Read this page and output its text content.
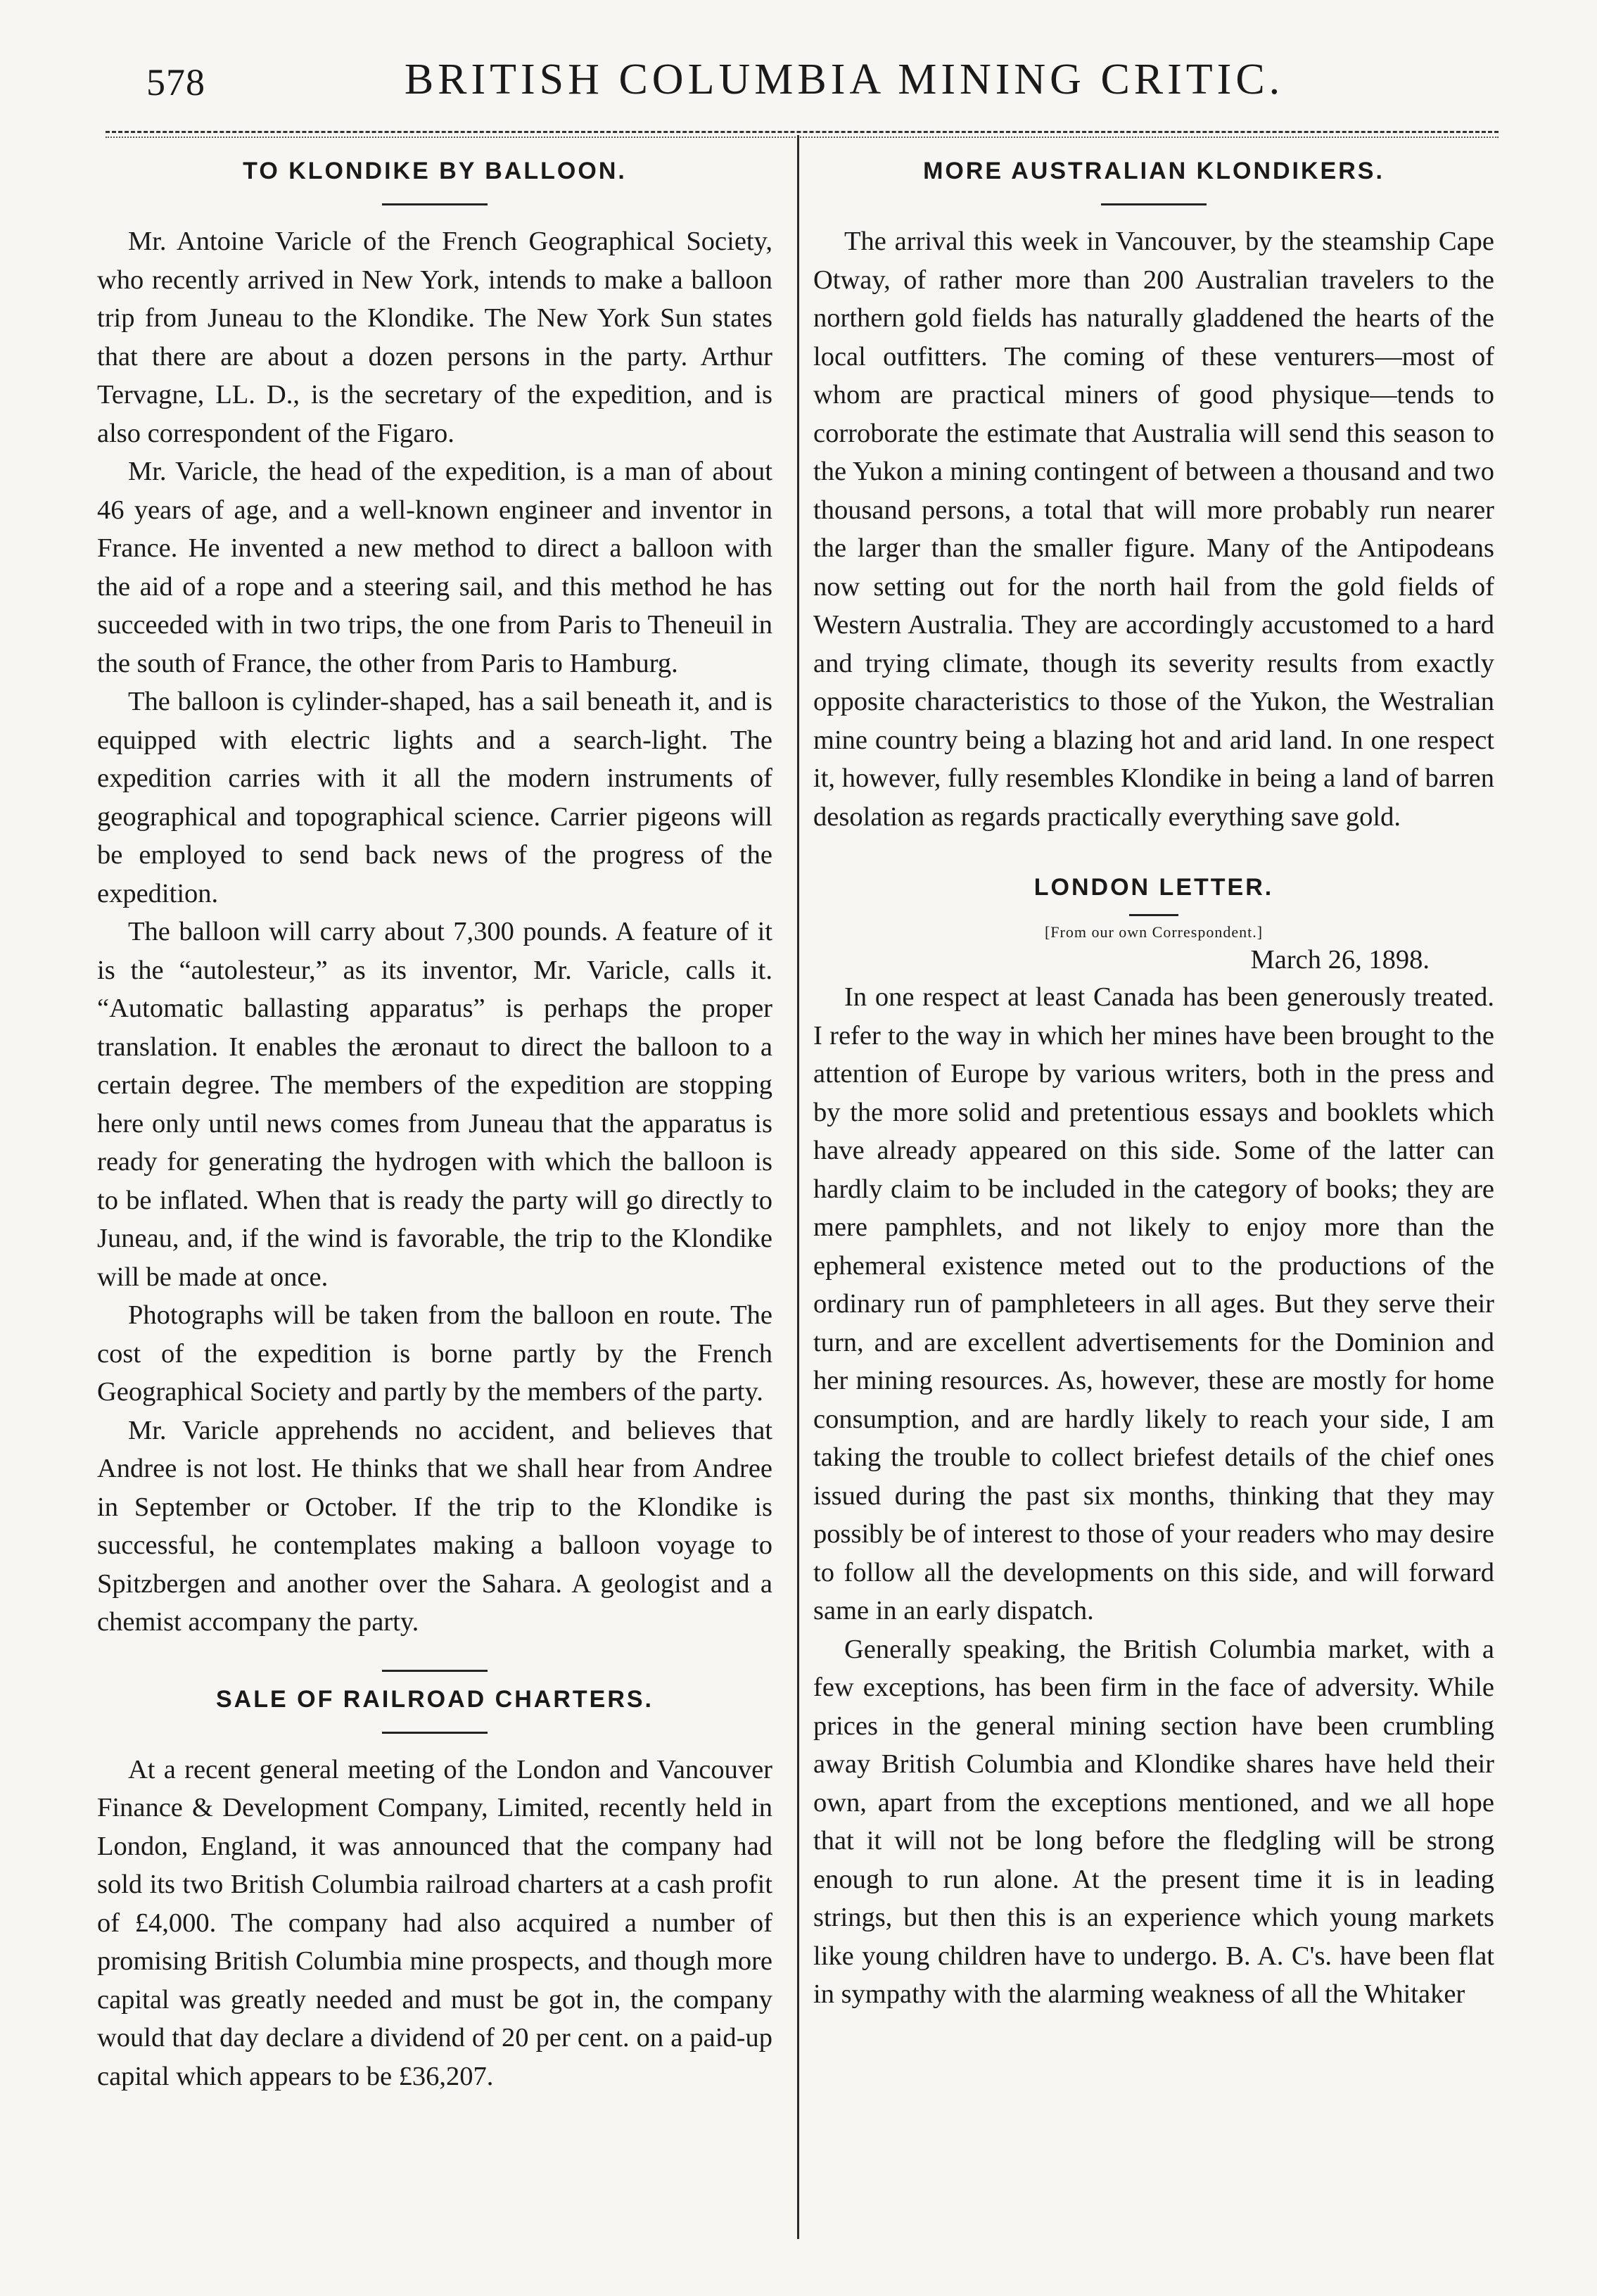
578	BRITISH COLUMBIA MINING CRITIC.
TO KLONDIKE BY BALLOON.

Mr. Antoine Varicle of the French Geographical Society, who recently arrived in New York, intends to make a balloon trip from Juneau to the Klondike. The New York Sun states that there are about a dozen persons in the party. Arthur Tervagne, LL. D., is the secretary of the expedition, and is also correspondent of the Figaro.

Mr. Varicle, the head of the expedition, is a man of about 46 years of age, and a well-known engineer and inventor in France. He invented a new method to direct a balloon with the aid of a rope and a steering sail, and this method he has succeeded with in two trips, the one from Paris to Theneuil in the south of France, the other from Paris to Hamburg.

The balloon is cylinder-shaped, has a sail beneath it, and is equipped with electric lights and a search-light. The expedition carries with it all the modern instruments of geographical and topographical science. Carrier pigeons will be employed to send back news of the progress of the expedition.

The balloon will carry about 7,300 pounds. A feature of it is the “autolesteur,” as its inventor, Mr. Varicle, calls it. “Automatic ballasting apparatus” is perhaps the proper translation. It enables the æronaut to direct the balloon to a certain degree. The members of the expedition are stopping here only until news comes from Juneau that the apparatus is ready for generating the hydrogen with which the balloon is to be inflated. When that is ready the party will go directly to Juneau, and, if the wind is favorable, the trip to the Klondike will be made at once.

Photographs will be taken from the balloon en route. The cost of the expedition is borne partly by the French Geographical Society and partly by the members of the party.

Mr. Varicle apprehends no accident, and believes that Andree is not lost. He thinks that we shall hear from Andree in September or October. If the trip to the Klondike is successful, he contemplates making a balloon voyage to Spitzbergen and another over the Sahara. A geologist and a chemist accompany the party.

SALE OF RAILROAD CHARTERS.

At a recent general meeting of the London and Vancouver Finance & Development Company, Limited, recently held in London, England, it was announced that the company had sold its two British Columbia railroad charters at a cash profit of £4,000. The company had also acquired a number of promising British Columbia mine prospects, and though more capital was greatly needed and must be got in, the company would that day declare a dividend of 20 per cent. on a paid-up capital which appears to be £36,207.

MORE AUSTRALIAN KLONDIKERS.

The arrival this week in Vancouver, by the steamship Cape Otway, of rather more than 200 Australian travelers to the northern gold fields has naturally gladdened the hearts of the local outfitters. The coming of these venturers—most of whom are practical miners of good physique—tends to corroborate the estimate that Australia will send this season to the Yukon a mining contingent of between a thousand and two thousand persons, a total that will more probably run nearer the larger than the smaller figure. Many of the Antipodeans now setting out for the north hail from the gold fields of Western Australia. They are accordingly accustomed to a hard and trying climate, though its severity results from exactly opposite characteristics to those of the Yukon, the Westralian mine country being a blazing hot and arid land. In one respect it, however, fully resembles Klondike in being a land of barren desolation as regards practically everything save gold.

LONDON LETTER.
[From our own Correspondent.]
March 26, 1898.

In one respect at least Canada has been generously treated. I refer to the way in which her mines have been brought to the attention of Europe by various writers, both in the press and by the more solid and pretentious essays and booklets which have already appeared on this side. Some of the latter can hardly claim to be included in the category of books; they are mere pamphlets, and not likely to enjoy more than the ephemeral existence meted out to the productions of the ordinary run of pamphleteers in all ages. But they serve their turn, and are excellent advertisements for the Dominion and her mining resources. As, however, these are mostly for home consumption, and are hardly likely to reach your side, I am taking the trouble to collect briefest details of the chief ones issued during the past six months, thinking that they may possibly be of interest to those of your readers who may desire to follow all the developments on this side, and will forward same in an early dispatch.

Generally speaking, the British Columbia market, with a few exceptions, has been firm in the face of adversity. While prices in the general mining section have been crumbling away British Columbia and Klondike shares have held their own, apart from the exceptions mentioned, and we all hope that it will not be long before the fledgling will be strong enough to run alone. At the present time it is in leading strings, but then this is an experience which young markets like young children have to undergo. B. A. C's. have been flat in sympathy with the alarming weakness of all the Whitaker
